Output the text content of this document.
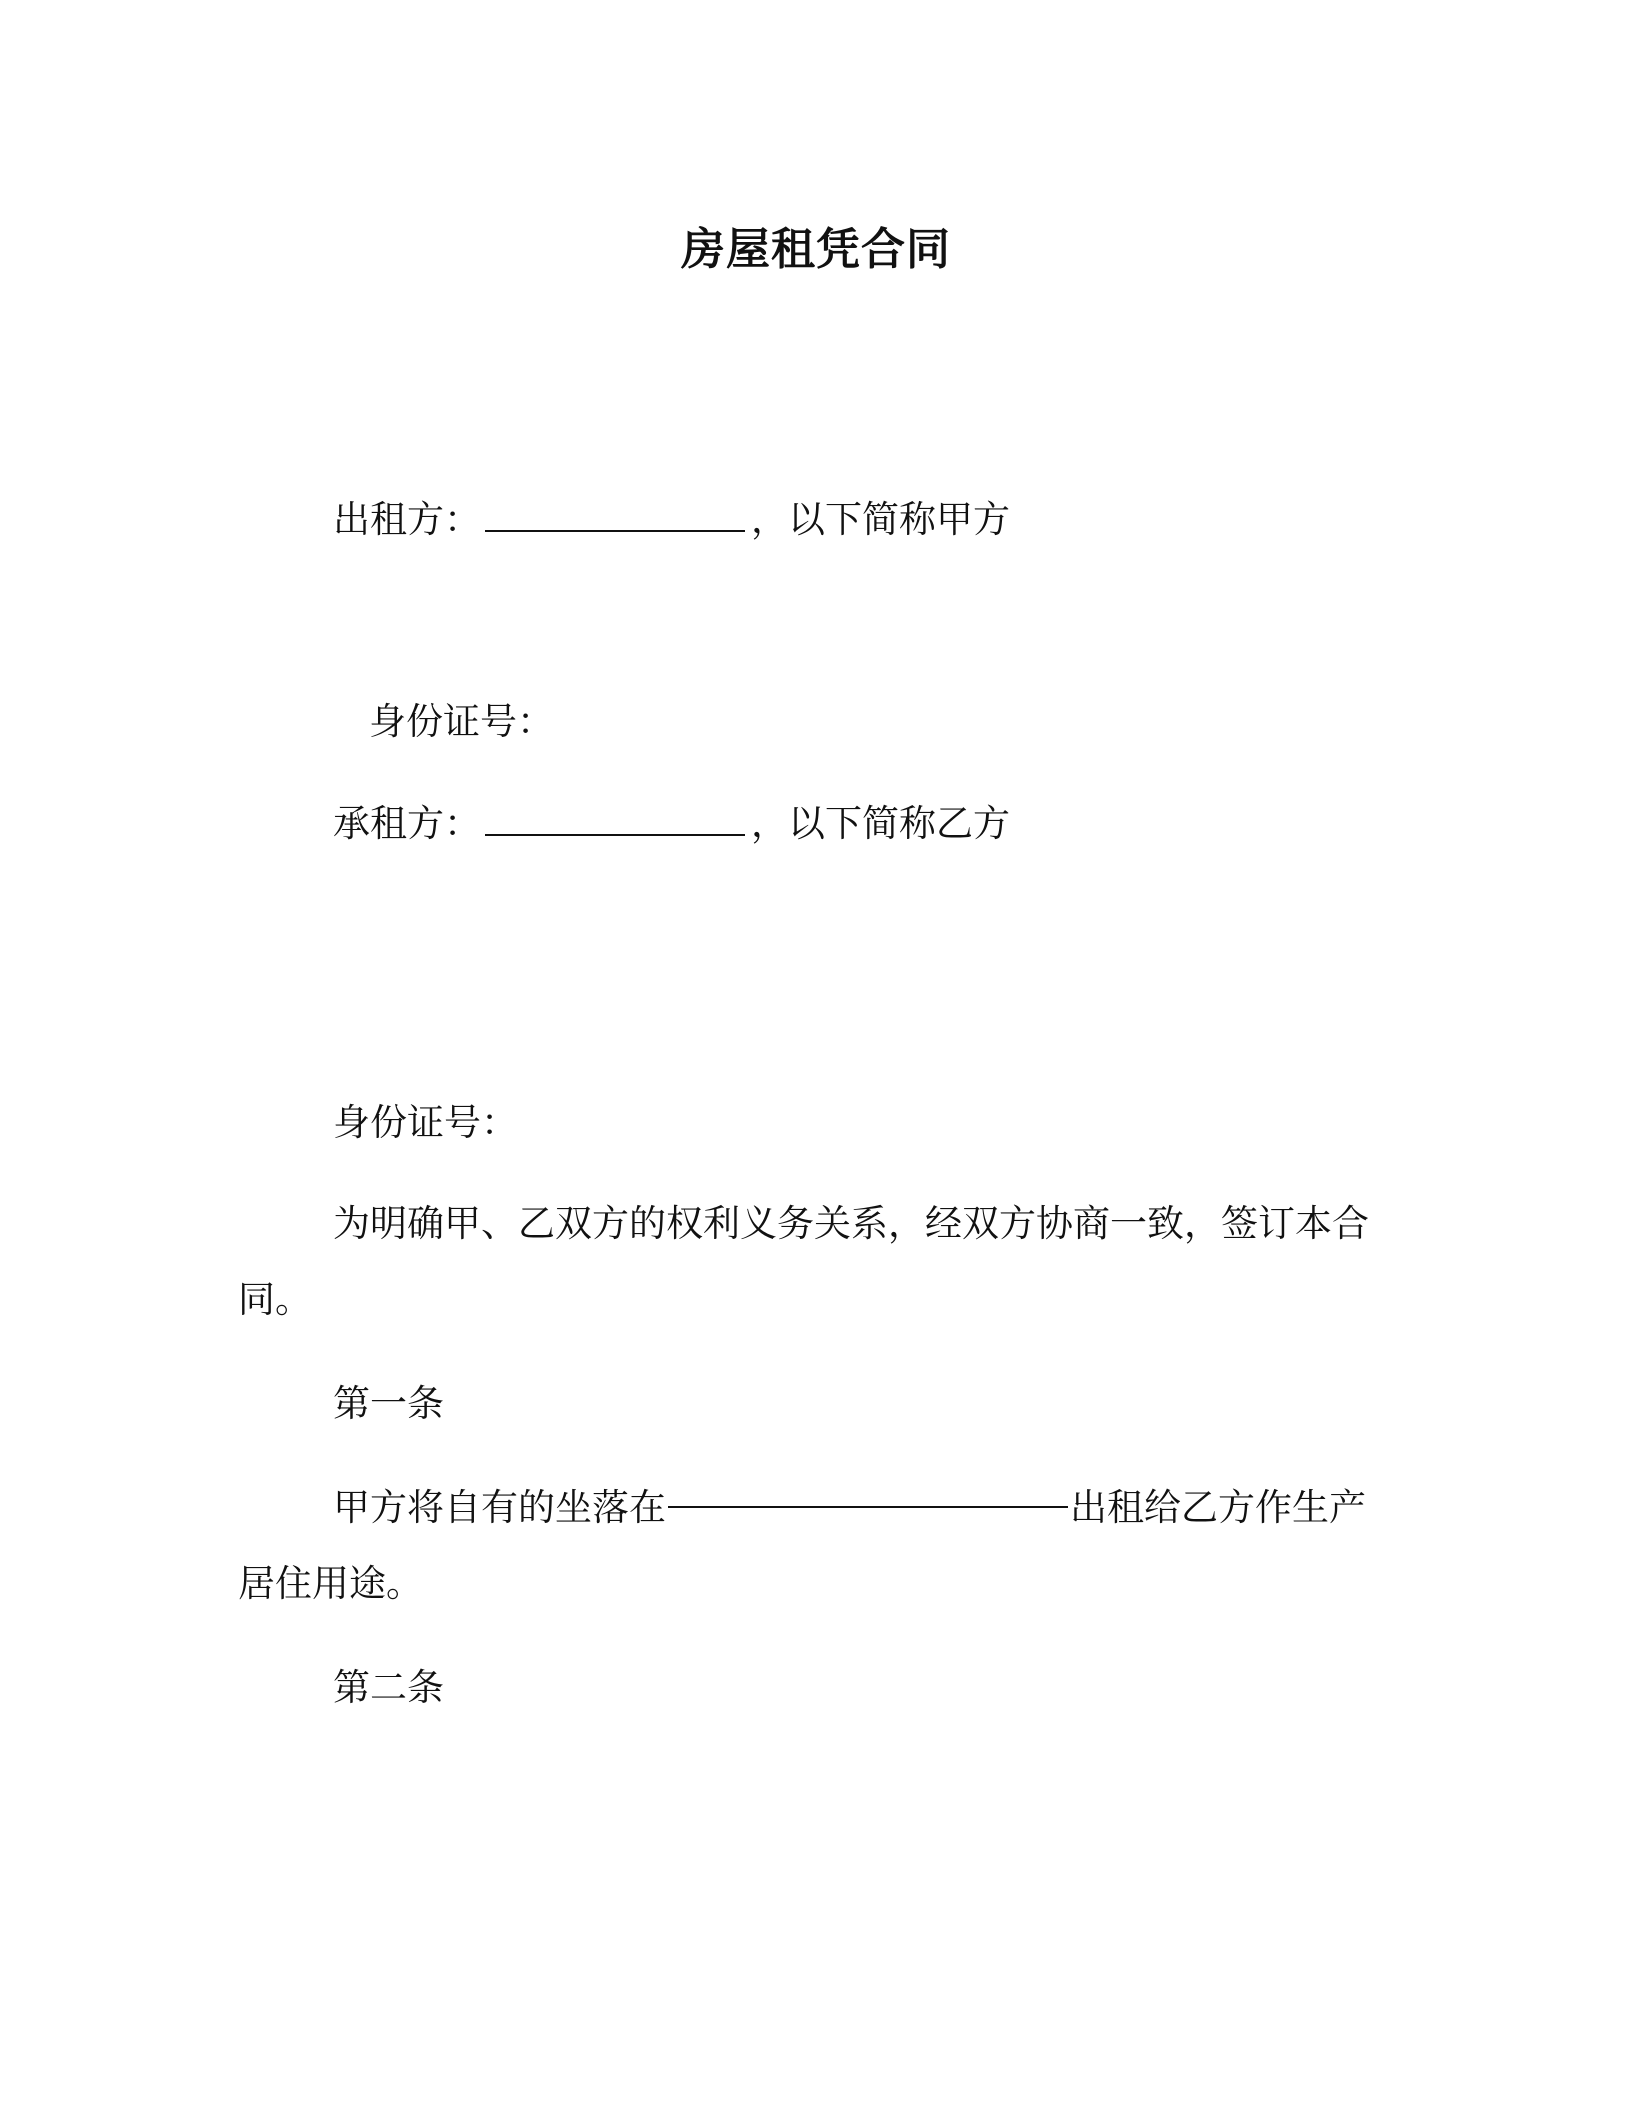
房屋租凭合同
出租方：	，以下简称甲方
身份证号：
承租方：	，以下简称乙方
身份证号：
为明确甲、乙双方的权利义务关系，经双方协商一致，签订本合
同。
第一条
甲方将自有的坐落在	出租给乙方作生产
居住用途。
第二条
